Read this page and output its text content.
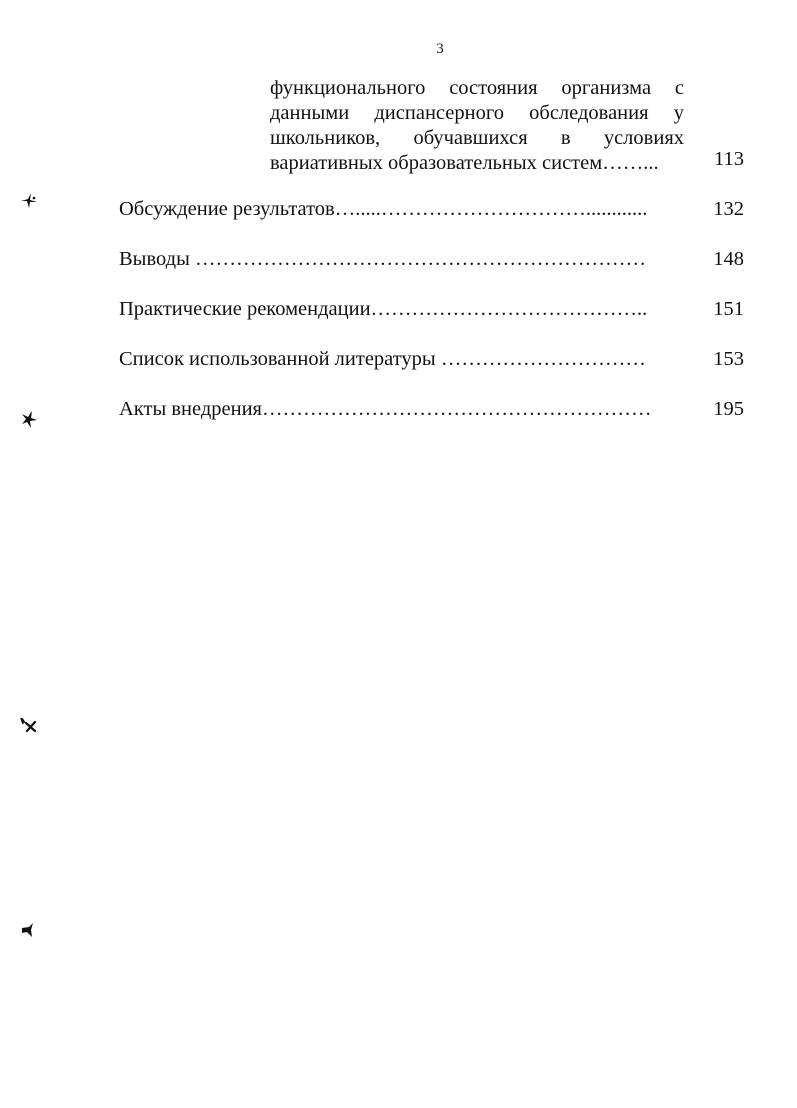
3
функционального состояния организма с
данными диспансерного обследования у
школьников, обучавшихся в условиях
вариативных образовательных систем……...	113
Обсуждение результатов….....…………………………............	132
Выводы …………………………………………………………	148
Практические рекомендации…………………………………..	151
Список использованной литературы …………………………	153
Акты внедрения…………………………………………………	195
